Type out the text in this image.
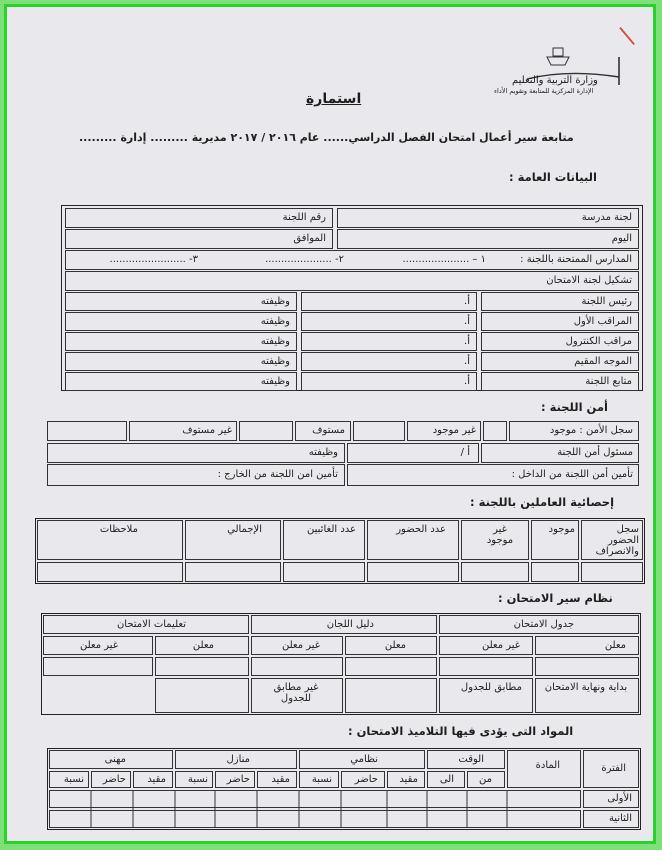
وزارة التربية والتعليم
الإدارة المركزية للمتابعة وتقويم الأداء
|
استمارة
متابعة سير أعمال امتحان الفصل الدراسي...... عام ٢٠١٦ / ٢٠١٧ مديرية ......... إدارة .........
البيانات العامة :
لجنة مدرسة
رقم اللجنة
اليوم
الموافق
المدارس الممتحنة باللجنة :
١ – .....................
٢- .....................
٣- ........................
تشكيل لجنة الامتحان
رئيس اللجنة
أ.
وظيفته
المراقب الأول
أ.
وظيفته
مراقب الكنترول
أ.
وظيفته
الموجه المقيم
أ.
وظيفته
متابع اللجنة
أ.
وظيفته
أمن اللجنة :
سجل الأمن : موجود
غير موجود
مستوف
غير مستوف
مسئول أمن اللجنة
أ /
وظيفته
تأمين أمن اللجنة من الداخل :
تأمين امن اللجنة من الخارج :
إحصائية العاملين باللجنة :
سجل الحضور والانصراف
موجود
غير موجود
عدد الحضور
عدد الغائبين
الإجمالي
ملاحظات
نظام سير الامتحان :
جدول الامتحان
دليل اللجان
تعليمات الامتحان
معلن
غير معلن
معلن
غير معلن
معلن
غير معلن
بداية ونهاية الامتحان
مطابق للجدول
غير مطابق للجدول
المواد التى يؤدى فيها التلاميذ الامتحان :
الفترة
المادة
الوقت
من
الى
نظامي
منازل
مهنى
مقيد
حاضر
نسبة
مقيد
حاضر
نسبة
مقيد
حاضر
نسبة
الأولى
الثانية
